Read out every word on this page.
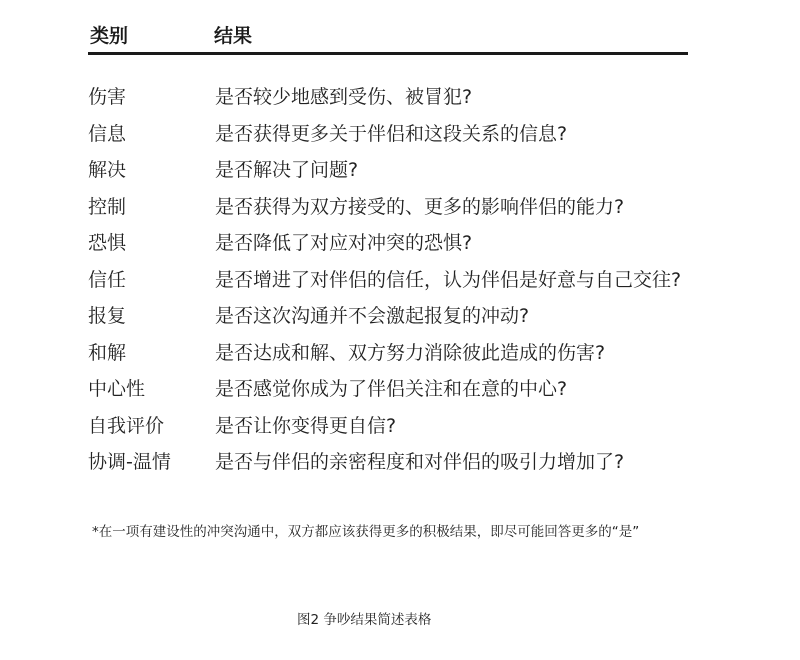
类别	结果
伤害	是否较少地感到受伤、被冒犯?
信息	是否获得更多关于伴侣和这段关系的信息?
解决	是否解决了问题?
控制	是否获得为双方接受的、更多的影响伴侣的能力?
恐惧	是否降低了对应对冲突的恐惧?
信任	是否增进了对伴侣的信任，认为伴侣是好意与自己交往?
报复	是否这次沟通并不会激起报复的冲动?
和解	是否达成和解、双方努力消除彼此造成的伤害?
中心性	是否感觉你成为了伴侣关注和在意的中心?
自我评价	是否让你变得更自信?
协调-温情 是否与伴侣的亲密程度和对伴侣的吸引力增加了?
*在一项有建设性的冲突沟通中，双方都应该获得更多的积极结果，即尽可能回答更多的“是”
图2 争吵结果简述表格
